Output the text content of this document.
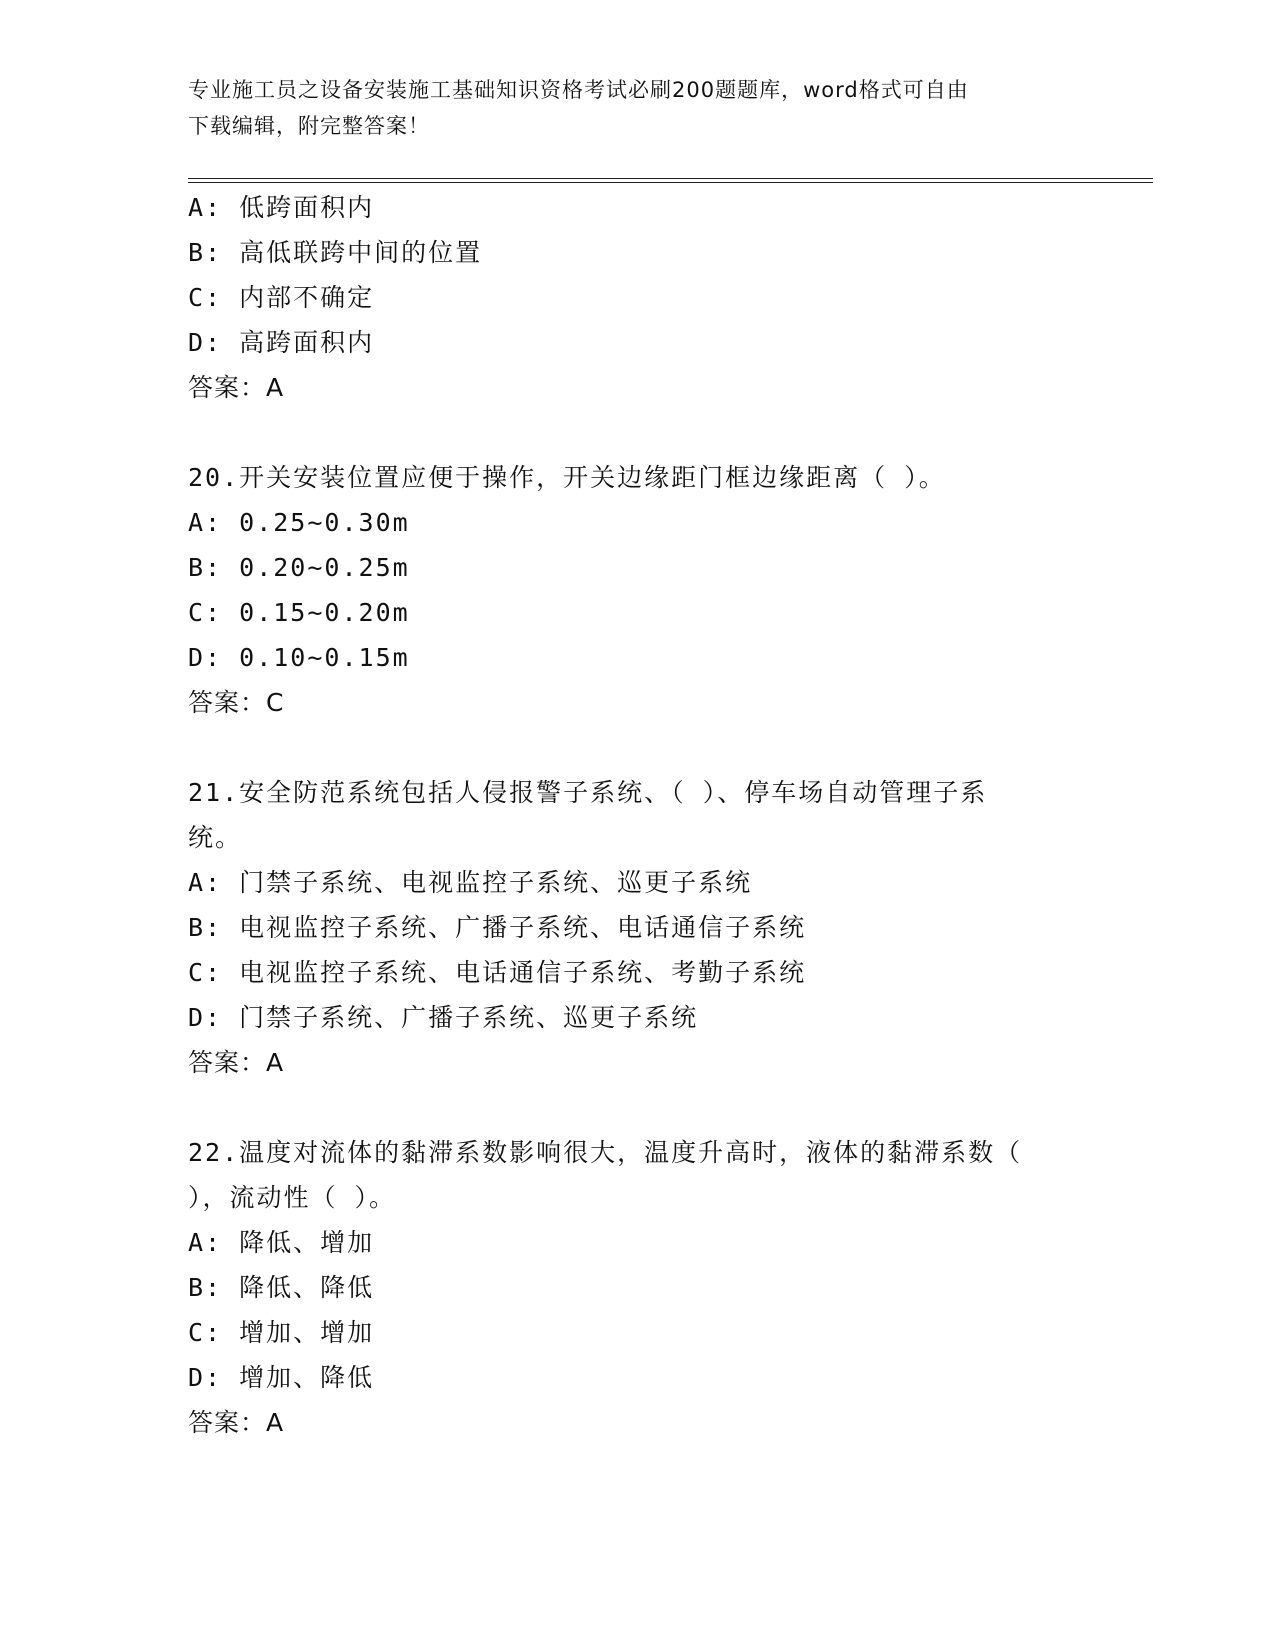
专业施工员之设备安装施工基础知识资格考试必刷200题题库，word格式可自由
下载编辑，附完整答案！
A: 低跨面积内
B: 高低联跨中间的位置
C: 内部不确定
D: 高跨面积内
答案：A
20.开关安装位置应便于操作，开关边缘距门框边缘距离（ ）。
A: 0.25~0.30m
B: 0.20~0.25m
C: 0.15~0.20m
D: 0.10~0.15m
答案：C
21.安全防范系统包括人侵报警子系统、（ ）、停车场自动管理子系
统。
A: 门禁子系统、电视监控子系统、巡更子系统
B: 电视监控子系统、广播子系统、电话通信子系统
C: 电视监控子系统、电话通信子系统、考勤子系统
D: 门禁子系统、广播子系统、巡更子系统
答案：A
22.温度对流体的黏滞系数影响很大，温度升高时，液体的黏滞系数（
），流动性（ ）。
A: 降低、增加
B: 降低、降低
C: 增加、增加
D: 增加、降低
答案：A
